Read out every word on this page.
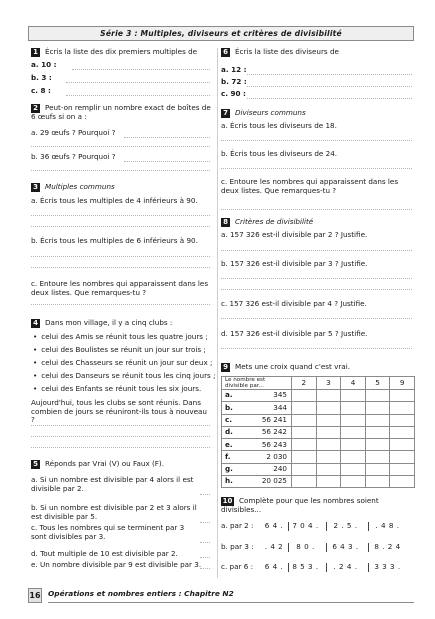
Série 3 : Multiples, diviseurs et critères de divisibilité
1 Écris la liste des dix premiers multiples de
a. 10 :
b. 3 :
c. 8 :
2 Peut-on remplir un nombre exact de boîtes de 6 œufs si on a :
a. 29 œufs ? Pourquoi ?
b. 36 œufs ? Pourquoi ?
3 Multiples communs
a. Écris tous les multiples de 4 inférieurs à 90.
b. Écris tous les multiples de 6 inférieurs à 90.
c. Entoure les nombres qui apparaissent dans les deux listes. Que remarques-tu ?
4 Dans mon village, il y a cinq clubs :
• celui des Amis se réunit tous les quatre jours ;
• celui des Boulistes se réunit un jour sur trois ;
• celui des Chasseurs se réunit un jour sur deux ;
• celui des Danseurs se réunit tous les cinq jours ;
• celui des Enfants se réunit tous les six jours.
Aujourd'hui, tous les clubs se sont réunis. Dans combien de jours se réuniront-ils tous à nouveau ?
5 Réponds par Vrai (V) ou Faux (F).
a. Si un nombre est divisible par 4 alors il est divisible par 2.
b. Si un nombre est divisible par 2 et 3 alors il est divisible par 5.
c. Tous les nombres qui se terminent par 3 sont divisibles par 3.
d. Tout multiple de 10 est divisible par 2.
e. Un nombre divisible par 9 est divisible par 3.
6 Écris la liste des diviseurs de
a. 12 :
b. 72 :
c. 90 :
7 Diviseurs communs
a. Écris tous les diviseurs de 18.
b. Écris tous les diviseurs de 24.
c. Entoure les nombres qui apparaissent dans les deux listes. Que remarques-tu ?
8 Critères de divisibilité
a. 157 326 est-il divisible par 2 ? Justifie.
b. 157 326 est-il divisible par 3 ? Justifie.
c. 157 326 est-il divisible par 4 ? Justifie.
d. 157 326 est-il divisible par 5 ? Justifie.
9 Mets une croix quand c'est vrai.
Le nombre est divisible par...	2	3	4	5	9
a. 345					
b. 344					
c. 56 241					
d. 56 242					
e. 56 243					
f. 2 030					
g. 240					
h. 20 025					
10 Complète pour que les nombres soient divisibles...
a. par 2 :	6 4 .	7 0 4 .	2 . 5 .	. 4 8 .
b. par 3 :	. 4 2	8 0 .	6 4 3 .	8 . 2 4
c. par 6 :	6 4 .	8 5 3 .	. 2 4 .	3 3 3 .
16 Opérations et nombres entiers : Chapitre N2
